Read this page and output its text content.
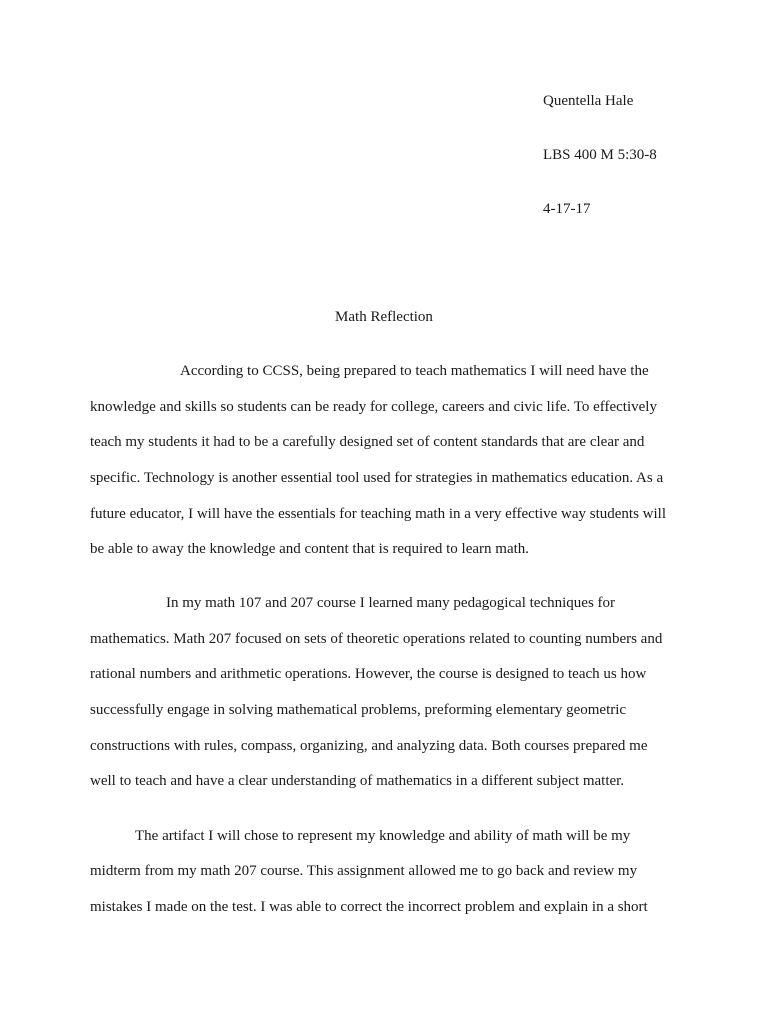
Quentella Hale
LBS 400 M 5:30-8
4-17-17
Math Reflection
According to CCSS, being prepared to teach mathematics I will need have the
knowledge and skills so students can be ready for college, careers and civic life. To effectively
teach my students it had to be a carefully designed set of content standards that are clear and
specific. Technology is another essential tool used for strategies in mathematics education. As a
future educator, I will have the essentials for teaching math in a very effective way students will
be able to away the knowledge and content that is required to learn math.
In my math 107 and 207 course I learned many pedagogical techniques for
mathematics. Math 207 focused on sets of theoretic operations related to counting numbers and
rational numbers and arithmetic operations. However, the course is designed to teach us how
successfully engage in solving mathematical problems, preforming elementary geometric
constructions with rules, compass, organizing, and analyzing data. Both courses prepared me
well to teach and have a clear understanding of mathematics in a different subject matter.
The artifact I will chose to represent my knowledge and ability of math will be my
midterm from my math 207 course. This assignment allowed me to go back and review my
mistakes I made on the test. I was able to correct the incorrect problem and explain in a short
